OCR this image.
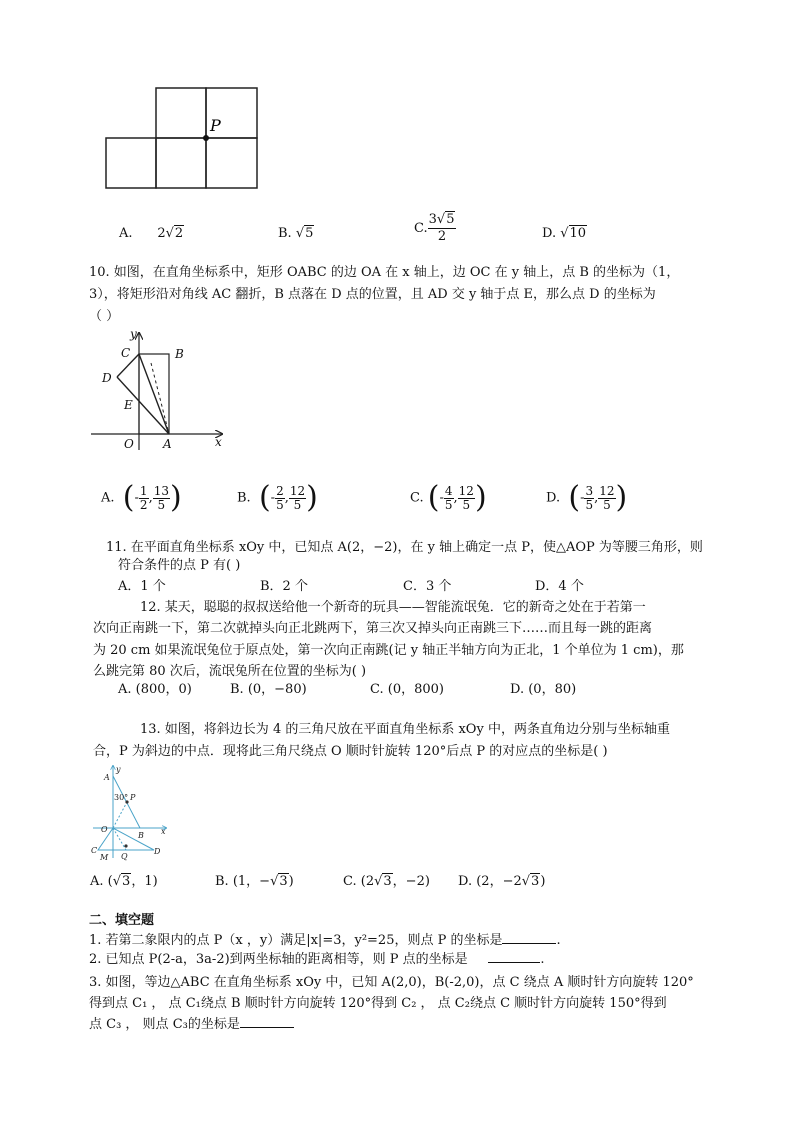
P
A. 2√2	B. √5	C. $\frac{3√5}{2}$	D. √10
10. 如图，在直角坐标系中，矩形 OABC 的边 OA 在 x 轴上，边 OC 在 y 轴上，点 B 的坐标为（1，
3），将矩形沿对角线 AC 翻折，B 点落在 D 点的位置，且 AD 交 y 轴于点 E，那么点 D 的坐标为
（ ）
y
x
C	B
D
E
O A
A. (- $\frac{1}{2}$ , $\frac{13}{5}$ )	B. (- $\frac{2}{5}$ , $\frac{12}{5}$ )	C. (- $\frac{4}{5}$ , $\frac{12}{5}$ )	D. (- $\frac{3}{5}$ , $\frac{12}{5}$ )
11. 在平面直角坐标系 xOy 中，已知点 A(2，−2)，在 y 轴上确定一点 P，使△AOP 为等腰三角形，则
符合条件的点 P 有( )
A．1 个	B．2 个	C．3 个	D．4 个
12. 某天，聪聪的叔叔送给他一个新奇的玩具——智能流氓兔．它的新奇之处在于若第一
次向正南跳一下，第二次就掉头向正北跳两下，第三次又掉头向正南跳三下……而且每一跳的距离
为 20 cm 如果流氓兔位于原点处，第一次向正南跳(记 y 轴正半轴方向为正北，1 个单位为 1 cm)，那
么跳完第 80 次后，流氓兔所在位置的坐标为( )
A. (800，0)	B. (0，−80)	C. (0，800)	D. (0，80)
13. 如图，将斜边长为 4 的三角尺放在平面直角坐标系 xOy 中，两条直角边分别与坐标轴重
合，P 为斜边的中点．现将此三角尺绕点 O 顺时针旋转 120°后点 P 的对应点的坐标是( )
A
y
30° P
O
B x
C
M Q
D
A. (√3，1)	B. (1，−√3)	C. (2√3，−2) D. (2，−2√3)
二、填空题
1. 若第二象限内的点 P（x ，y）满足|x|=3，y²=25，则点 P 的坐标是	.
2. 已知点 P(2-a，3a-2)到两坐标轴的距离相等，则 P 点的坐标是	.
3. 如图，等边△ABC 在直角坐标系 xOy 中，已知 A(2,0)，B(-2,0)，点 C 绕点 A 顺时针方向旋转 120°
得到点 C₁ ， 点 C₁绕点 B 顺时针方向旋转 120°得到 C₂ ， 点 C₂绕点 C 顺时针方向旋转 150°得到
点 C₃ ， 则点 C₃的坐标是
